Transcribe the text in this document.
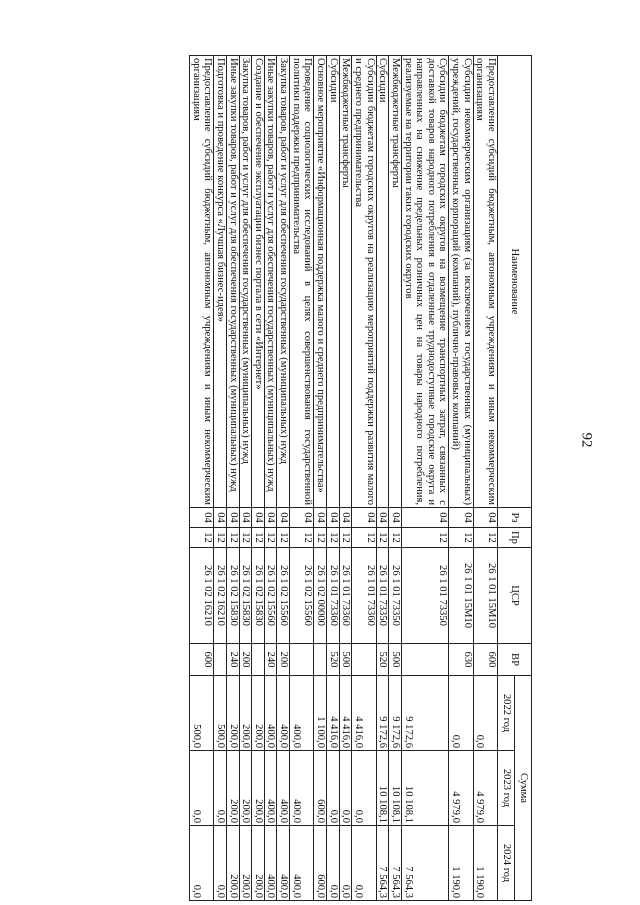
92
Наименование	Рз	Пр	ЦСР	ВР	Сумма		
					2022 год	2023 год	2024 год
Предоставление субсидий бюджетным, автономным учреждениям и иным некоммерческим организациям	04	12	26 1 01 15М10	600	0,0	4 979,0	1 190,0
Субсидии некоммерческим организациям (за исключением государственных (муниципальных) учреждений, государственных корпораций (компаний), публично-правовых компаний)	04	12	26 1 01 15М10	630	0,0	4 979,0	1 190,0
Субсидии бюджетам городских округов на возмещение транспортных затрат, связанных с доставкой товаров народного потребления в отдаленные труднодоступные городские округа и направленных на снижение предельных розничных цен на товары народного потребления, реализуемые на территории таких городских округов	04	12	26 1 01 73350		9 172,6	10 108,1	7 564,3
Межбюджетные трансферты	04	12	26 1 01 73350	500	9 172,6	10 108,1	7 564,3
Субсидии	04	12	26 1 01 73350	520	9 172,6	10 108,1	7 564,3
Субсидии бюджетам городских округов на реализацию мероприятий поддержки развития малого и среднего предпринимательства	04	12	26 1 01 73360		4 416,0	0,0	0,0
Межбюджетные трансферты	04	12	26 1 01 73360	500	4 416,0	0,0	0,0
Субсидии	04	12	26 1 01 73360	520	4 416,0	0,0	0,0
Основное мероприятие «Информационная поддержка малого и среднего предпринимательства»	04	12	26 1 02 00000		1 100,0	600,0	600,0
Проведение социологических исследований в целях совершенствования государственной политики поддержки предпринимательства	04	12	26 1 02 15560		400,0	400,0	400,0
Закупка товаров, работ и услуг для обеспечения государственных (муниципальных) нужд	04	12	26 1 02 15560	200	400,0	400,0	400,0
Иные закупки товаров, работ и услуг для обеспечения государственных (муниципальных) нужд	04	12	26 1 02 15560	240	400,0	400,0	400,0
Создание и обеспечение эксплуатации бизнес портала в сети «Интернет»	04	12	26 1 02 15830		200,0	200,0	200,0
Закупка товаров, работ и услуг для обеспечения государственных (муниципальных) нужд	04	12	26 1 02 15830	200	200,0	200,0	200,0
Иные закупки товаров, работ и услуг для обеспечения государственных (муниципальных) нужд	04	12	26 1 02 15830	240	200,0	200,0	200,0
Подготовка и проведение конкурса «Лучшая бизнес-идея»	04	12	26 1 02 16210		500,0	0,0	0,0
Предоставление субсидий бюджетным, автономным учреждениям и иным некоммерческим организациям	04	12	26 1 02 16210	600	500,0	0,0	0,0
